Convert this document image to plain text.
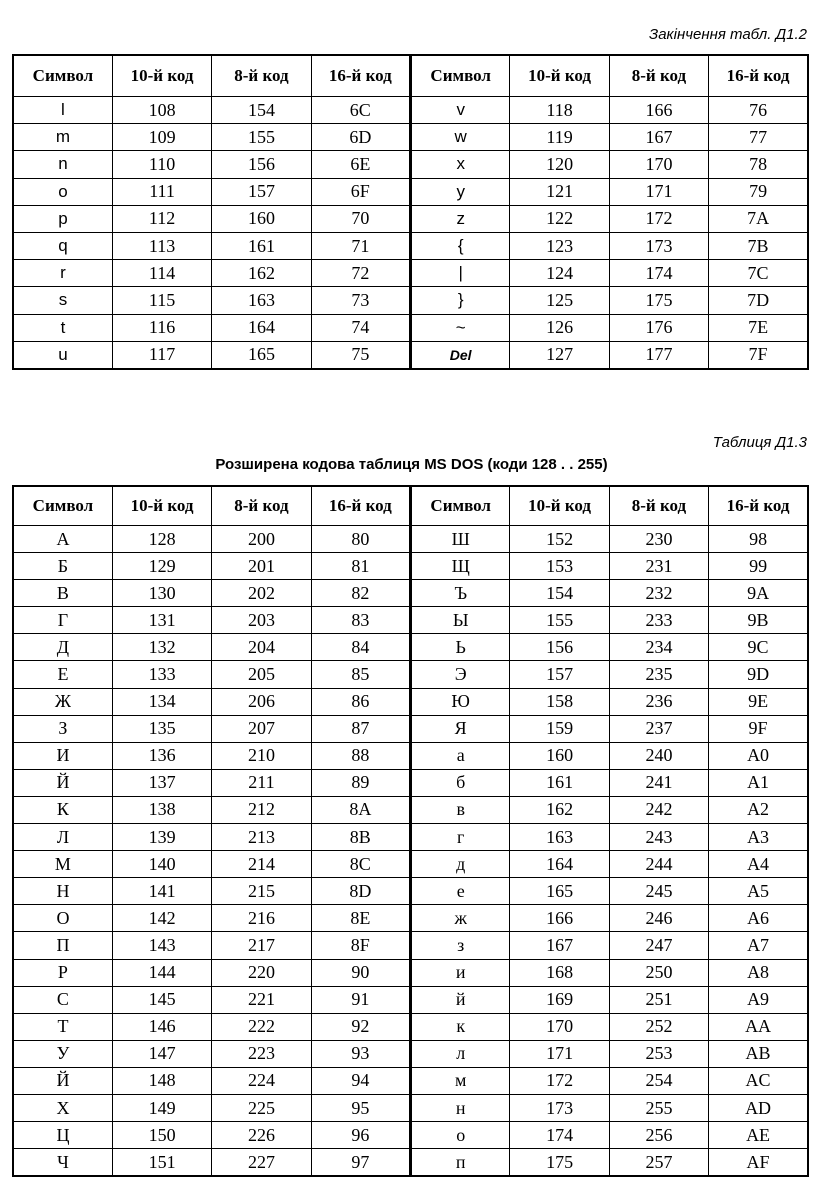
Закінчення табл. Д1.2
Символ	10-й код	8-й код	16-й код	Символ	10-й код	8-й код	16-й код
l	108	154	6C	v	118	166	76
m	109	155	6D	w	119	167	77
n	110	156	6E	x	120	170	78
o	111	157	6F	y	121	171	79
p	112	160	70	z	122	172	7A
q	113	161	71	{	123	173	7B
r	114	162	72	|	124	174	7C
s	115	163	73	}	125	175	7D
t	116	164	74	~	126	176	7E
u	117	165	75	Del	127	177	7F
Таблиця Д1.3
Розширена кодова таблиця MS DOS (коди 128 . . 255)
Символ	10-й код	8-й код	16-й код	Символ	10-й код	8-й код	16-й код
А	128	200	80	Ш	152	230	98
Б	129	201	81	Щ	153	231	99
В	130	202	82	Ъ	154	232	9A
Г	131	203	83	Ы	155	233	9B
Д	132	204	84	Ь	156	234	9C
Е	133	205	85	Э	157	235	9D
Ж	134	206	86	Ю	158	236	9E
З	135	207	87	Я	159	237	9F
И	136	210	88	а	160	240	A0
Й	137	211	89	б	161	241	A1
К	138	212	8A	в	162	242	A2
Л	139	213	8B	г	163	243	A3
М	140	214	8C	д	164	244	A4
Н	141	215	8D	е	165	245	A5
О	142	216	8E	ж	166	246	A6
П	143	217	8F	з	167	247	A7
Р	144	220	90	и	168	250	A8
С	145	221	91	й	169	251	A9
Т	146	222	92	к	170	252	AA
У	147	223	93	л	171	253	AB
Й	148	224	94	м	172	254	AC
Х	149	225	95	н	173	255	AD
Ц	150	226	96	о	174	256	AE
Ч	151	227	97	п	175	257	AF
